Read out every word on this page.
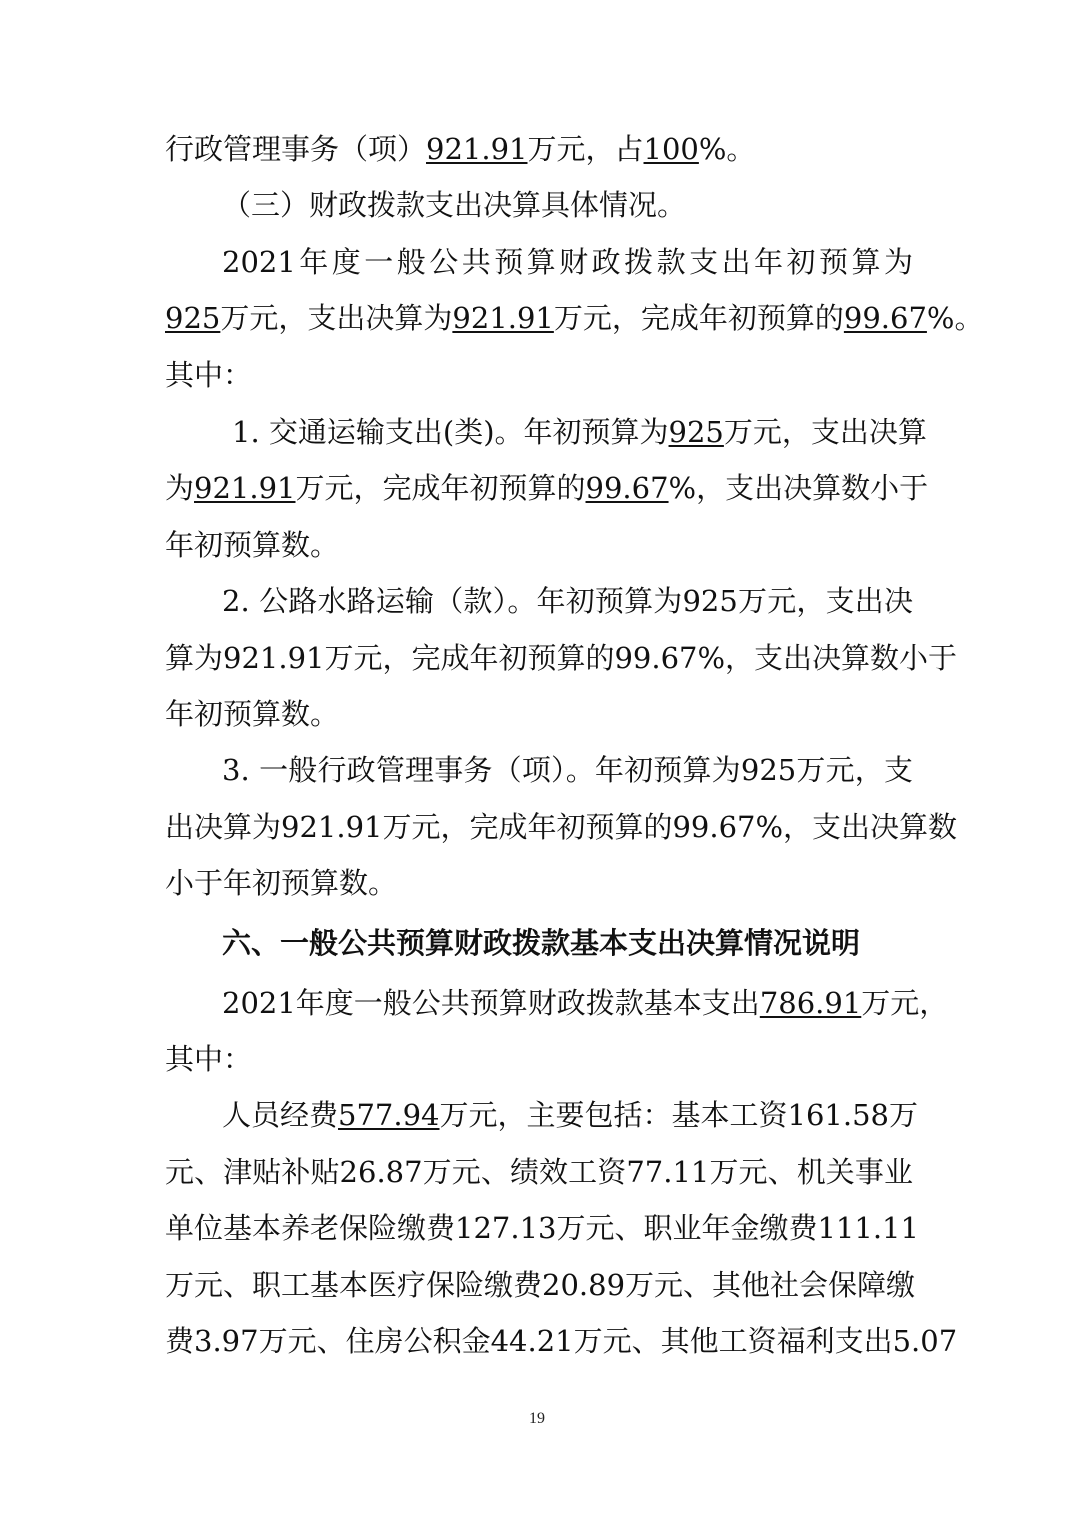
行政管理事务（项）921.91万元，占100%。
（三）财政拨款支出决算具体情况。
2021年度一般公共预算财政拨款支出年初预算为
925万元，支出决算为921.91万元，完成年初预算的99.67%。
其中：
1. 交通运输支出(类)。年初预算为925万元，支出决算
为921.91万元，完成年初预算的99.67%，支出决算数小于
年初预算数。
2. 公路水路运输（款）。年初预算为925万元，支出决
算为921.91万元，完成年初预算的99.67%，支出决算数小于
年初预算数。
3. 一般行政管理事务（项）。年初预算为925万元，支
出决算为921.91万元，完成年初预算的99.67%，支出决算数
小于年初预算数。
六、一般公共预算财政拨款基本支出决算情况说明
2021年度一般公共预算财政拨款基本支出786.91万元，
其中：
人员经费577.94万元，主要包括：基本工资161.58万
元、津贴补贴26.87万元、绩效工资77.11万元、机关事业
单位基本养老保险缴费127.13万元、职业年金缴费111.11
万元、职工基本医疗保险缴费20.89万元、其他社会保障缴
费3.97万元、住房公积金44.21万元、其他工资福利支出5.07
19
